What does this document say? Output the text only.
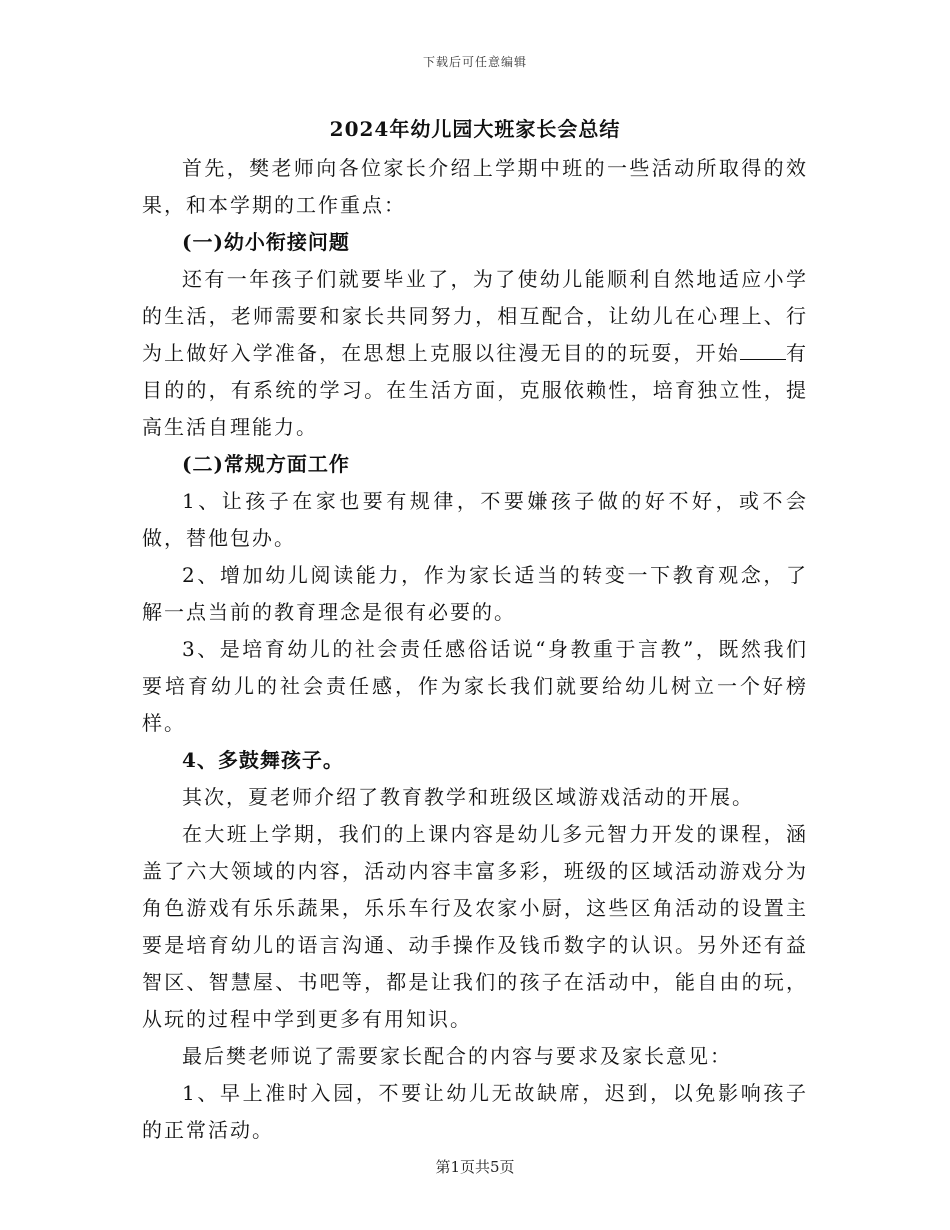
下载后可任意编辑
2024年幼儿园大班家长会总结

首先，樊老师向各位家长介绍上学期中班的一些活动所取得的效果，和本学期的工作重点：

(一)幼小衔接问题

还有一年孩子们就要毕业了，为了使幼儿能顺利自然地适应小学的生活，老师需要和家长共同努力，相互配合，让幼儿在心理上、行为上做好入学准备，在思想上克服以往漫无目的的玩耍，开始 有目的的，有系统的学习。在生活方面，克服依赖性，培育独立性，提高生活自理能力。

(二)常规方面工作

1、让孩子在家也要有规律，不要嫌孩子做的好不好，或不会做，替他包办。

2、增加幼儿阅读能力，作为家长适当的转变一下教育观念，了解一点当前的教育理念是很有必要的。

3、是培育幼儿的社会责任感俗话说“身教重于言教”，既然我们要培育幼儿的社会责任感，作为家长我们就要给幼儿树立一个好榜样。

4、多鼓舞孩子。

其次，夏老师介绍了教育教学和班级区域游戏活动的开展。

在大班上学期，我们的上课内容是幼儿多元智力开发的课程，涵盖了六大领域的内容，活动内容丰富多彩，班级的区域活动游戏分为角色游戏有乐乐蔬果，乐乐车行及农家小厨，这些区角活动的设置主要是培育幼儿的语言沟通、动手操作及钱币数字的认识。另外还有益智区、智慧屋、书吧等，都是让我们的孩子在活动中，能自由的玩，从玩的过程中学到更多有用知识。

最后樊老师说了需要家长配合的内容与要求及家长意见：

1、早上准时入园，不要让幼儿无故缺席，迟到，以免影响孩子的正常活动。

第1页共5页
